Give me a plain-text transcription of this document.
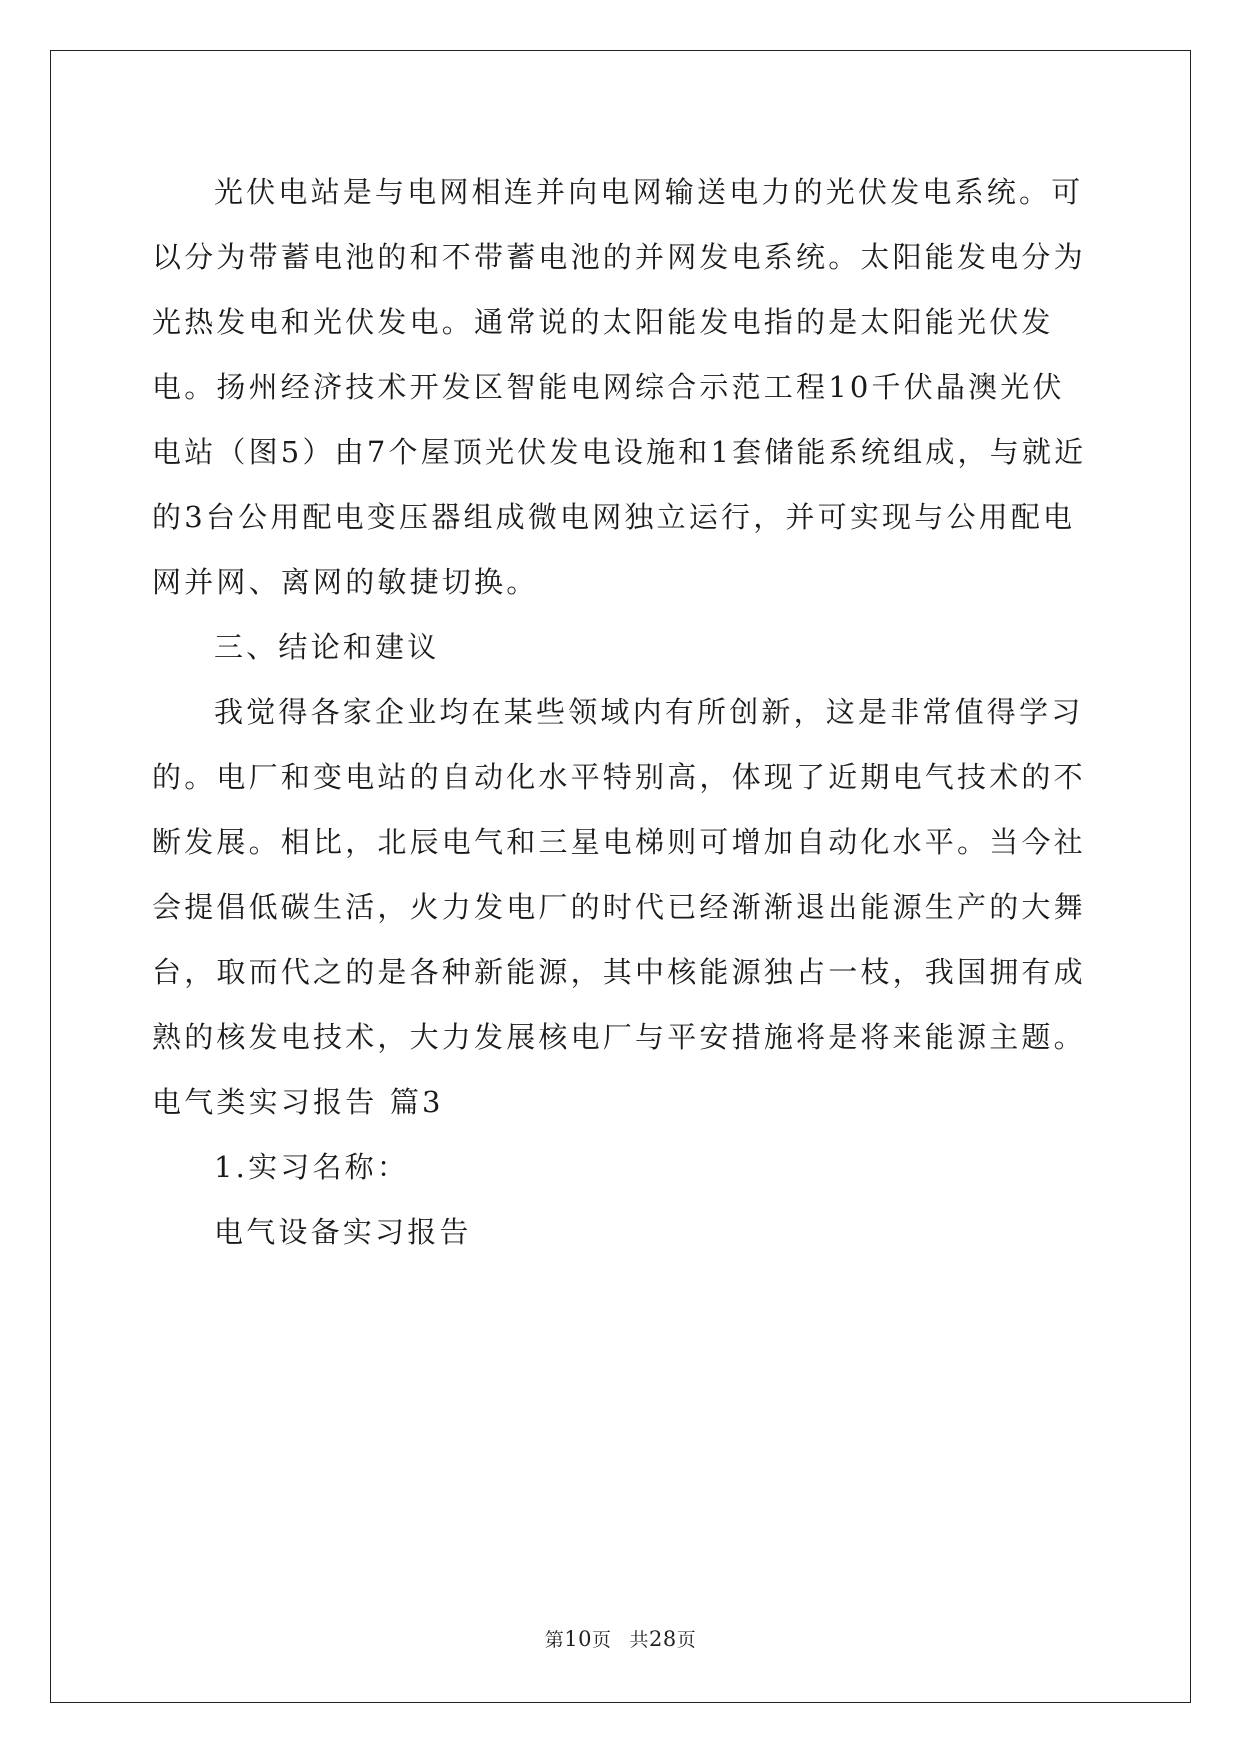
光伏电站是与电网相连并向电网输送电力的光伏发电系统。可以分为带蓄电池的和不带蓄电池的并网发电系统。太阳能发电分为光热发电和光伏发电。通常说的太阳能发电指的是太阳能光伏发电。扬州经济技术开发区智能电网综合示范工程10千伏晶澳光伏电站（图5）由7个屋顶光伏发电设施和1套储能系统组成，与就近的3台公用配电变压器组成微电网独立运行，并可实现与公用配电网并网、离网的敏捷切换。

三、结论和建议

我觉得各家企业均在某些领域内有所创新，这是非常值得学习的。电厂和变电站的自动化水平特别高，体现了近期电气技术的不断发展。相比，北辰电气和三星电梯则可增加自动化水平。当今社会提倡低碳生活，火力发电厂的时代已经渐渐退出能源生产的大舞台，取而代之的是各种新能源，其中核能源独占一枝，我国拥有成熟的核发电技术，大力发展核电厂与平安措施将是将来能源主题。

电气类实习报告 篇3

1.实习名称：

电气设备实习报告

第10页 共28页
